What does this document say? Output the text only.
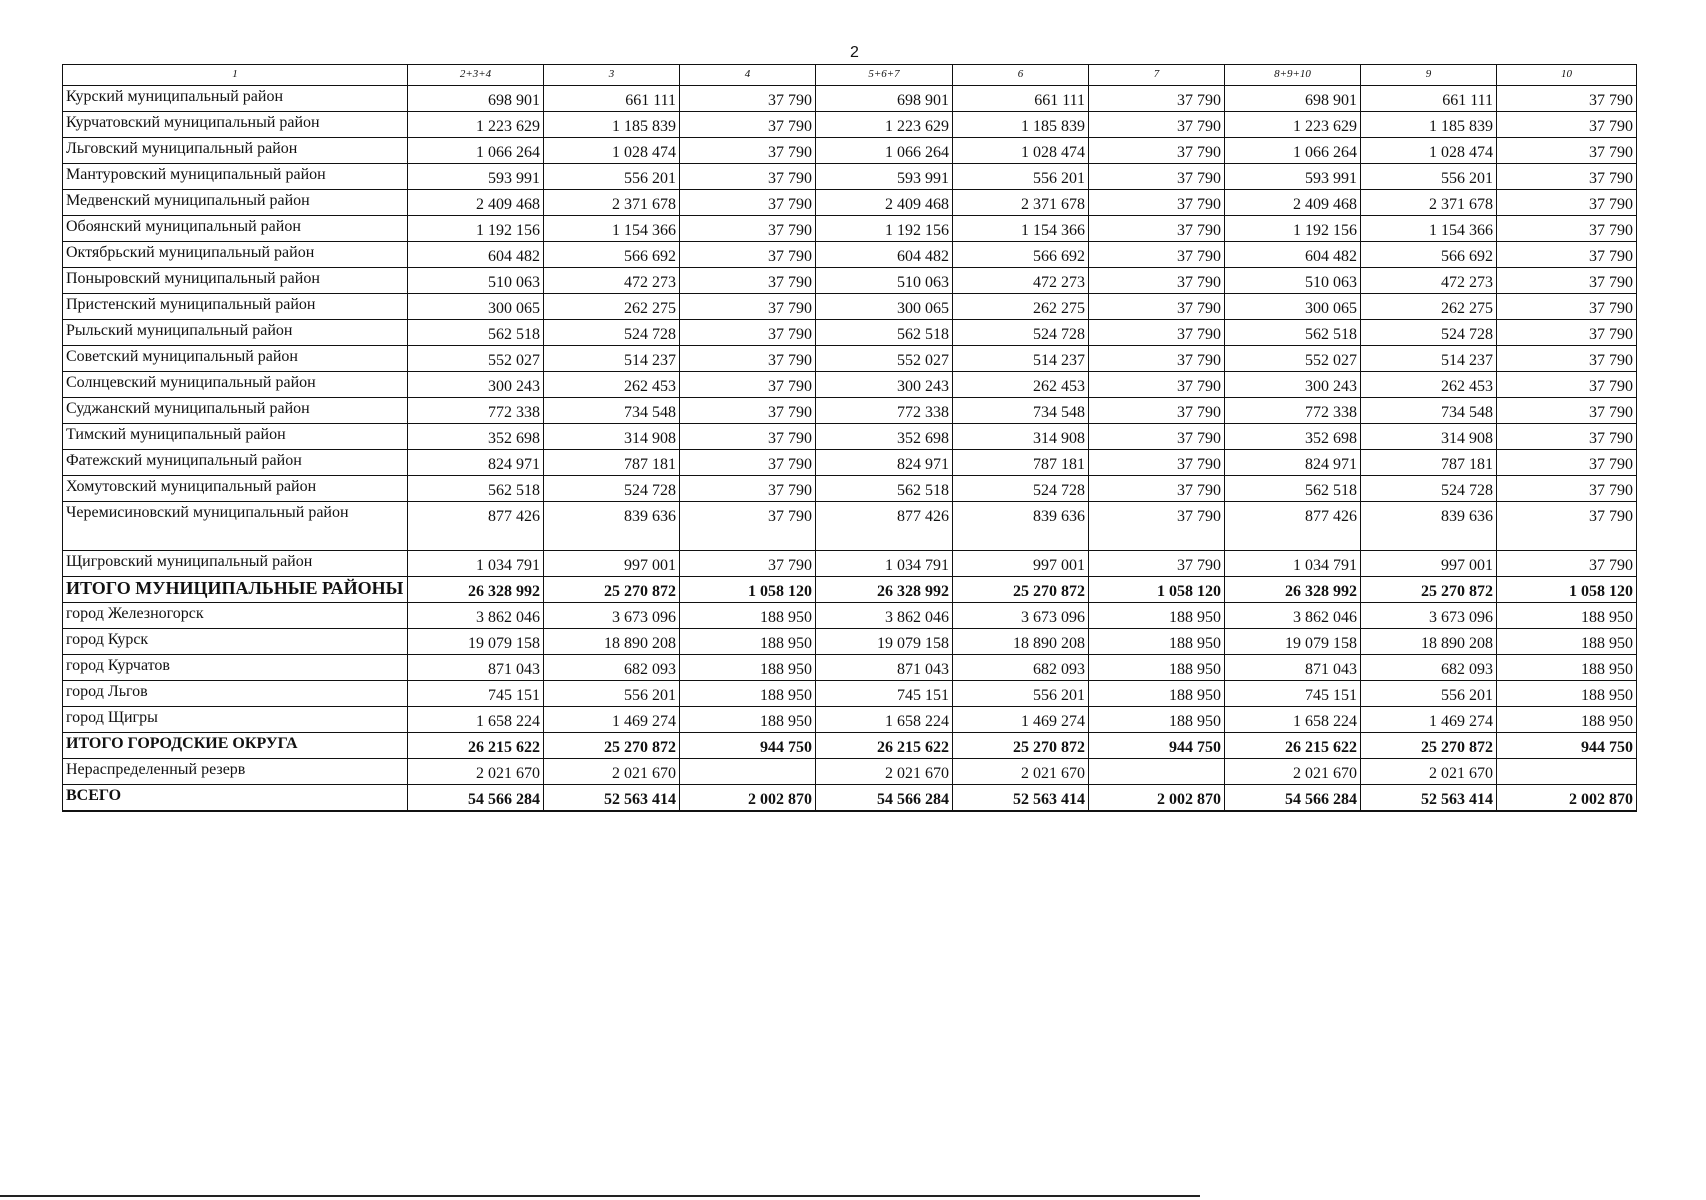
2
1	2+3+4	3	4	5+6+7	6	7	8+9+10	9	10
Курский муниципальный район	698 901	661 111	37 790	698 901	661 111	37 790	698 901	661 111	37 790
Курчатовский муниципальный район	1 223 629	1 185 839	37 790	1 223 629	1 185 839	37 790	1 223 629	1 185 839	37 790
Льговский муниципальный район	1 066 264	1 028 474	37 790	1 066 264	1 028 474	37 790	1 066 264	1 028 474	37 790
Мантуровский муниципальный район	593 991	556 201	37 790	593 991	556 201	37 790	593 991	556 201	37 790
Медвенский муниципальный район	2 409 468	2 371 678	37 790	2 409 468	2 371 678	37 790	2 409 468	2 371 678	37 790
Обоянский муниципальный район	1 192 156	1 154 366	37 790	1 192 156	1 154 366	37 790	1 192 156	1 154 366	37 790
Октябрьский муниципальный район	604 482	566 692	37 790	604 482	566 692	37 790	604 482	566 692	37 790
Поныровский муниципальный район	510 063	472 273	37 790	510 063	472 273	37 790	510 063	472 273	37 790
Пристенский муниципальный район	300 065	262 275	37 790	300 065	262 275	37 790	300 065	262 275	37 790
Рыльский муниципальный район	562 518	524 728	37 790	562 518	524 728	37 790	562 518	524 728	37 790
Советский муниципальный район	552 027	514 237	37 790	552 027	514 237	37 790	552 027	514 237	37 790
Солнцевский муниципальный район	300 243	262 453	37 790	300 243	262 453	37 790	300 243	262 453	37 790
Суджанский муниципальный район	772 338	734 548	37 790	772 338	734 548	37 790	772 338	734 548	37 790
Тимский муниципальный район	352 698	314 908	37 790	352 698	314 908	37 790	352 698	314 908	37 790
Фатежский муниципальный район	824 971	787 181	37 790	824 971	787 181	37 790	824 971	787 181	37 790
Хомутовский муниципальный район	562 518	524 728	37 790	562 518	524 728	37 790	562 518	524 728	37 790
Черемисиновский муниципальный район	877 426	839 636	37 790	877 426	839 636	37 790	877 426	839 636	37 790
Щигровский муниципальный район	1 034 791	997 001	37 790	1 034 791	997 001	37 790	1 034 791	997 001	37 790
ИТОГО МУНИЦИПАЛЬНЫЕ РАЙОНЫ	26 328 992	25 270 872	1 058 120	26 328 992	25 270 872	1 058 120	26 328 992	25 270 872	1 058 120
город Железногорск	3 862 046	3 673 096	188 950	3 862 046	3 673 096	188 950	3 862 046	3 673 096	188 950
город Курск	19 079 158	18 890 208	188 950	19 079 158	18 890 208	188 950	19 079 158	18 890 208	188 950
город Курчатов	871 043	682 093	188 950	871 043	682 093	188 950	871 043	682 093	188 950
город Льгов	745 151	556 201	188 950	745 151	556 201	188 950	745 151	556 201	188 950
город Щигры	1 658 224	1 469 274	188 950	1 658 224	1 469 274	188 950	1 658 224	1 469 274	188 950
ИТОГО ГОРОДСКИЕ ОКРУГА	26 215 622	25 270 872	944 750	26 215 622	25 270 872	944 750	26 215 622	25 270 872	944 750
Нераспределенный резерв	2 021 670	2 021 670		2 021 670	2 021 670		2 021 670	2 021 670	
ВСЕГО	54 566 284	52 563 414	2 002 870	54 566 284	52 563 414	2 002 870	54 566 284	52 563 414	2 002 870
